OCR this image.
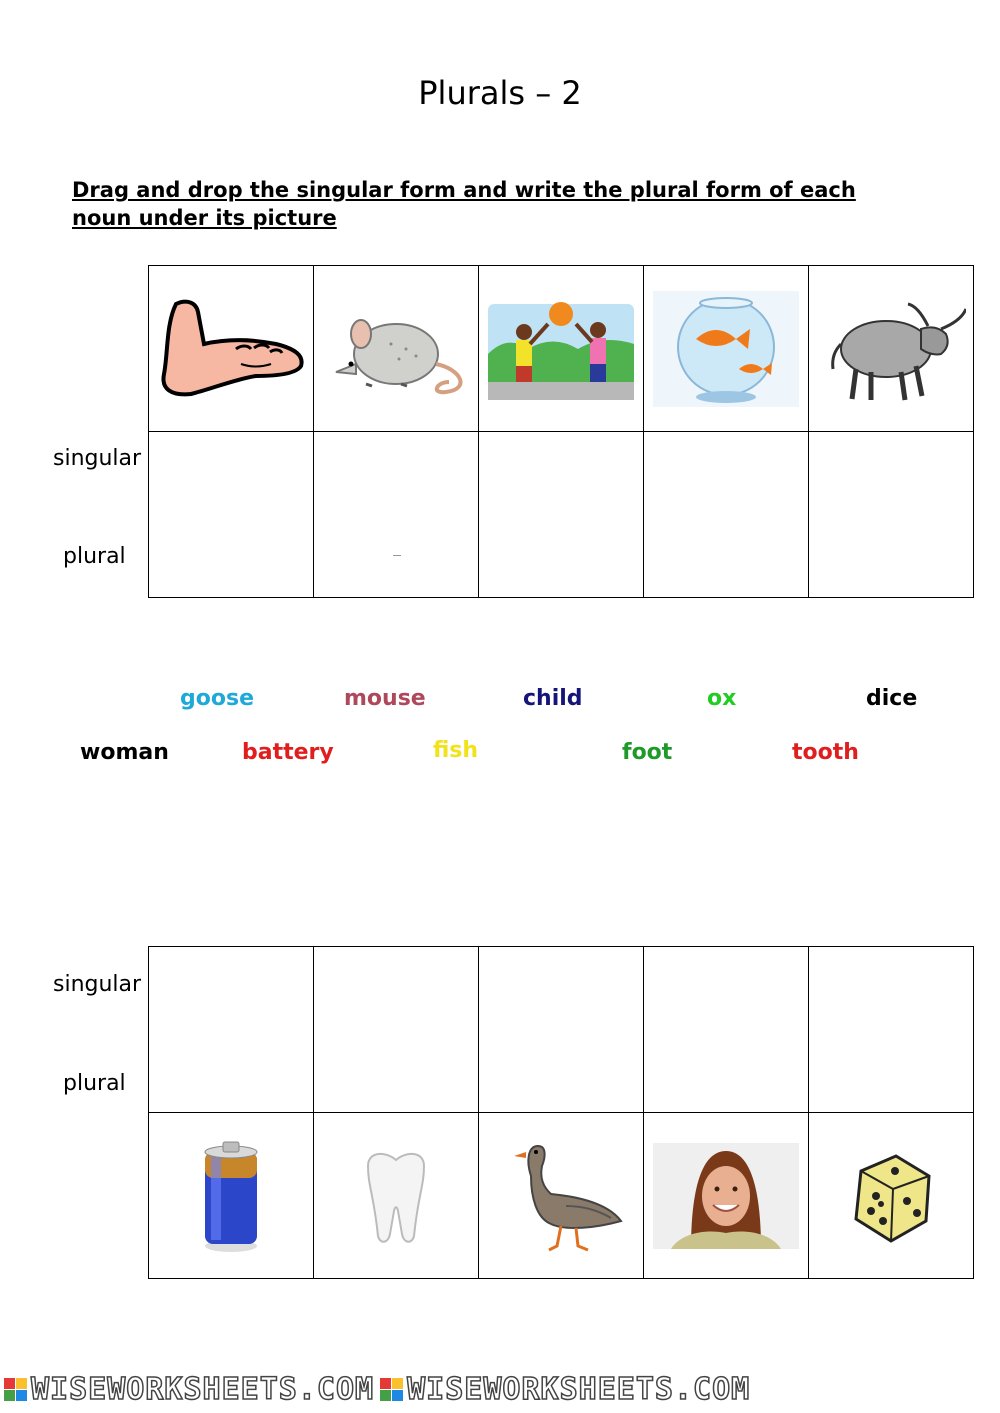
Plurals – 2
Drag and drop the singular form and write the plural form of each noun under its picture
singular
plural

goose	mouse	child	ox	dice
woman	battery	fish	foot	tooth
singular
plural

WISEWORKSHEETS.COM WISEWORKSHEETS.COM
